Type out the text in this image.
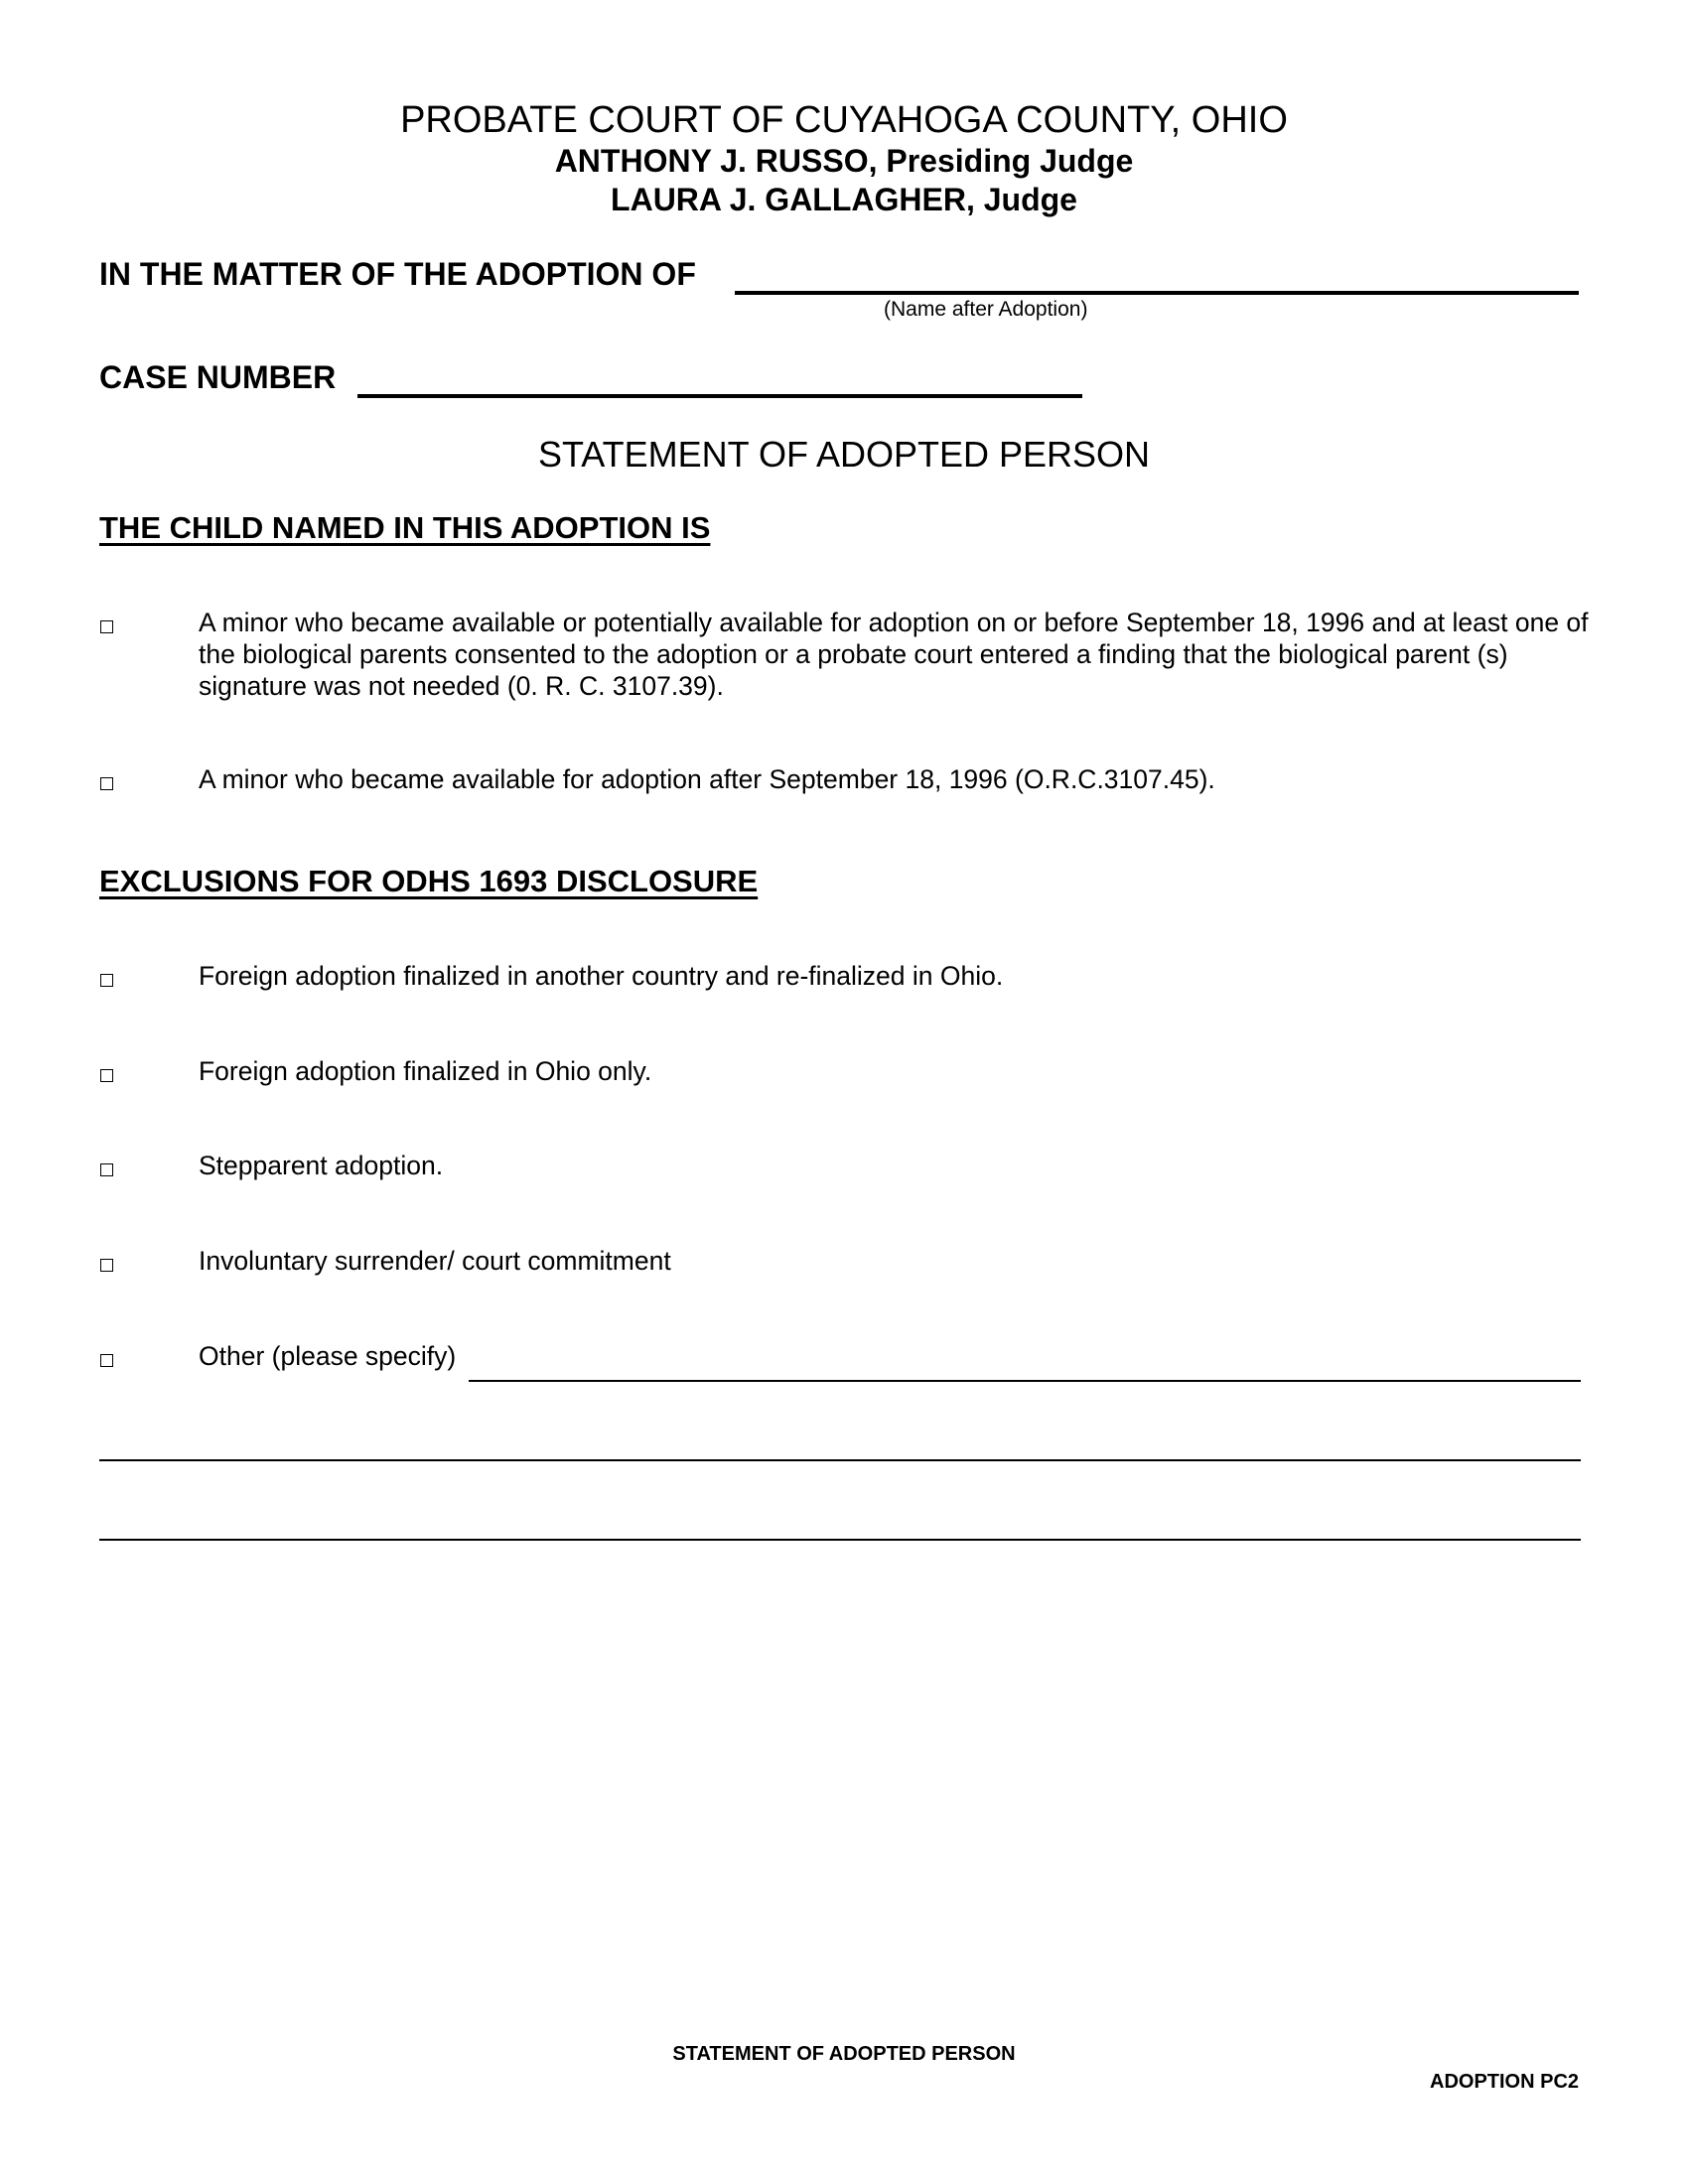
PROBATE COURT OF CUYAHOGA COUNTY, OHIO
ANTHONY J. RUSSO, Presiding Judge
LAURA J. GALLAGHER, Judge
IN THE MATTER OF THE ADOPTION OF
(Name after Adoption)
CASE NUMBER
STATEMENT OF ADOPTED PERSON
THE CHILD NAMED IN THIS ADOPTION IS
A minor who became available or potentially available for adoption on or before September 18, 1996 and at least one of the biological parents consented to the adoption or a probate court entered a finding that the biological parent (s) signature was not needed (0. R. C. 3107.39).
A minor who became available for adoption after September 18, 1996 (O.R.C.3107.45).
EXCLUSIONS FOR ODHS 1693 DISCLOSURE
Foreign adoption finalized in another country and re-finalized in Ohio.
Foreign adoption finalized in Ohio only.
Stepparent adoption.
Involuntary surrender/ court commitment
Other (please specify)
STATEMENT OF ADOPTED PERSON
ADOPTION PC2
